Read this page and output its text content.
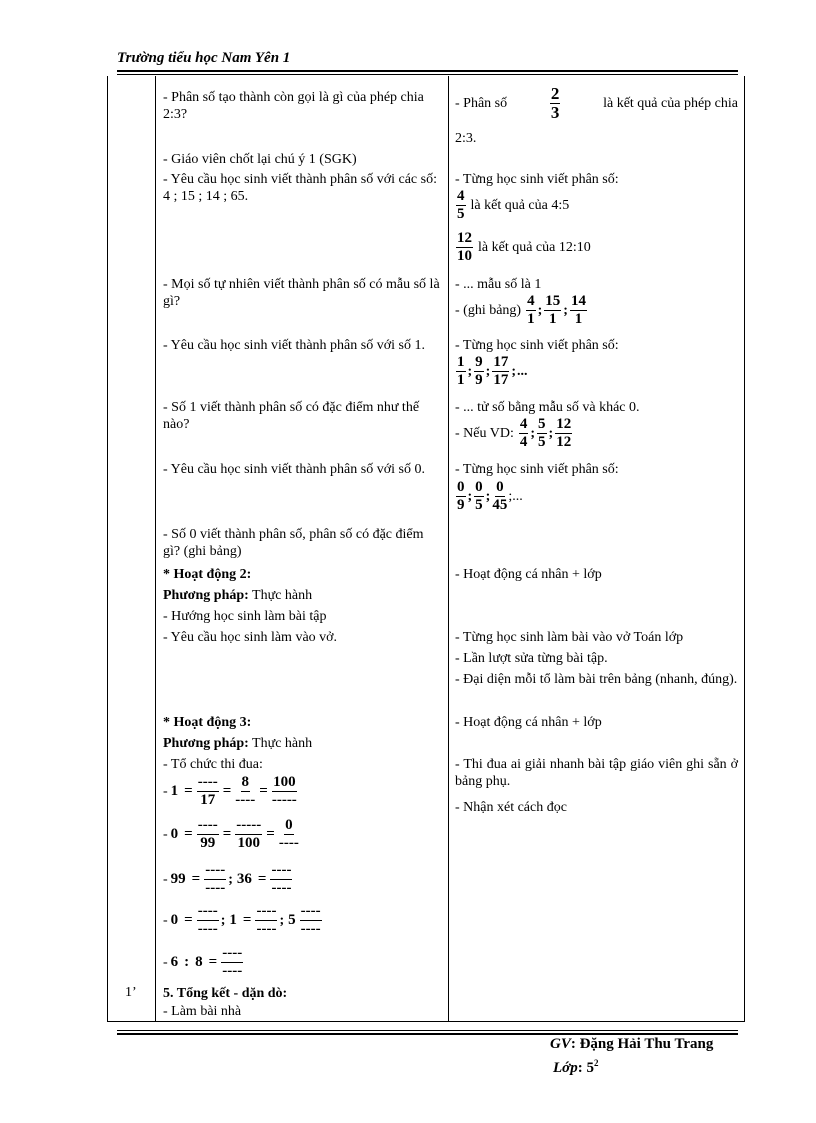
Trường tiểu học Nam Yên 1
- Phân số tạo thành còn gọi là gì của phép chia 2:3?
- Giáo viên chốt lại chú ý 1 (SGK)
- Yêu cầu học sinh viết thành phân số với các số: 4 ; 15 ; 14 ; 65.
- Mọi số tự nhiên viết thành phân số có mẫu số là gì?
- Yêu cầu học sinh viết thành phân số với số 1.
- Số 1 viết thành phân số có đặc điểm như thế nào?
- Yêu cầu học sinh viết thành phân số với số 0.
- Số 0 viết thành phân số, phân số có đặc điểm gì? (ghi bảng)
* Hoạt động 2:
Phương pháp: Thực hành
- Hướng học sinh làm bài tập
- Yêu cầu học sinh làm vào vở.
* Hoạt động 3:
Phương pháp: Thực hành
- Tổ chức thi đua:
- $1 = \frac{----}{17} = \frac{8}{----} = \frac{100}{-----}$
- $0 = \frac{----}{99} = \frac{-----}{100} = \frac{0}{----}$
- $99 = \frac{----}{----}$ ; $36 = \frac{----}{----}$
- $0 = \frac{----}{----}$ ; $1 = \frac{----}{----}$ ; $5 \frac{----}{----}$
- 6 : $8 = \frac{----}{----}$
1’ 5. Tổng kết - dặn dò:
- Làm bài nhà
- Phân số	$\frac{2}{3}$	là kết quả của phép chia
2:3.
- Từng học sinh viết phân số:
$\frac{4}{5}$ là kết quả của 4:5
$\frac{12}{10}$ là kết quả của 12:10
- ... mẫu số là 1
- (ghi bảng) $\frac{4}{1}$ ; $\frac{15}{1}$ ; $\frac{14}{1}$
- Từng học sinh viết phân số:
$\frac{1}{1}$ ; $\frac{9}{9}$ ; $\frac{17}{17}$ ; ...
- ... tử số bằng mẫu số và khác 0.
- Nếu VD: $\frac{4}{4}$ ; $\frac{5}{5}$ ; $\frac{12}{12}$
- Từng học sinh viết phân số:
$\frac{0}{9}$ ; $\frac{0}{5}$ ; $\frac{0}{45}$ ; ...
- Hoạt động cá nhân + lớp
- Từng học sinh làm bài vào vở Toán lớp
- Lần lượt sửa từng bài tập.
- Đại diện mỗi tổ làm bài trên bảng (nhanh, đúng).
- Hoạt động cá nhân + lớp
- Thi đua ai giải nhanh bài tập giáo viên ghi sẵn ở bảng phụ.
- Nhận xét cách đọc
GV: Đặng Hải Thu Trang
Lớp: $5^2$
